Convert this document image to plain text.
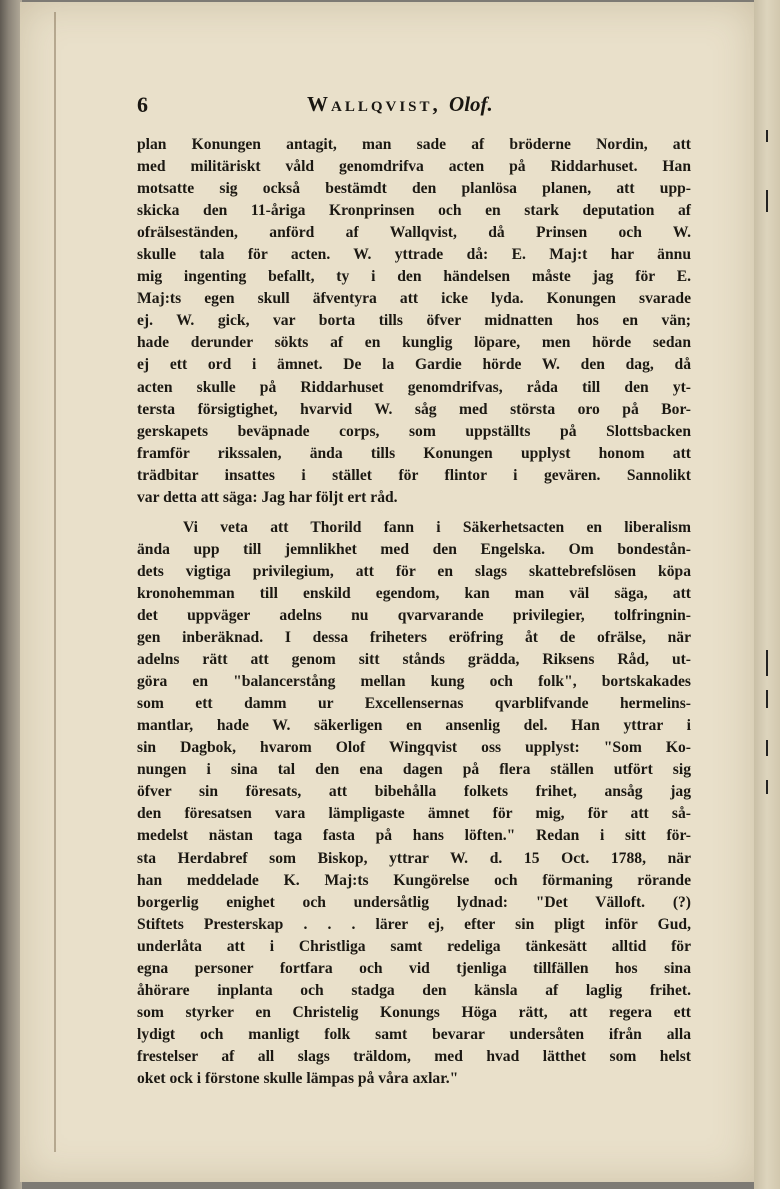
6	Wallqvist, Olof.
plan Konungen antagit, man sade af bröderne Nordin, att
med militäriskt våld genomdrifva acten på Riddarhuset. Han
motsatte sig också bestämdt den planlösa planen, att upp-
skicka den 11-åriga Kronprinsen och en stark deputation af
ofrälseständen, anförd af Wallqvist, då Prinsen och W.
skulle tala för acten. W. yttrade då: E. Maj:t har ännu
mig ingenting befallt, ty i den händelsen måste jag för E.
Maj:ts egen skull äfventyra att icke lyda. Konungen svarade
ej. W. gick, var borta tills öfver midnatten hos en vän;
hade derunder sökts af en kunglig löpare, men hörde sedan
ej ett ord i ämnet. De la Gardie hörde W. den dag, då
acten skulle på Riddarhuset genomdrifvas, råda till den yt-
tersta försigtighet, hvarvid W. såg med största oro på Bor-
gerskapets beväpnade corps, som uppställts på Slottsbacken
framför rikssalen, ända tills Konungen upplyst honom att
trädbitar insattes i stället för flintor i gevären. Sannolikt
var detta att säga: Jag har följt ert råd.
Vi veta att Thorild fann i Säkerhetsacten en liberalism
ända upp till jemnlikhet med den Engelska. Om bondestån-
dets vigtiga privilegium, att för en slags skattebrefslösen köpa
kronohemman till enskild egendom, kan man väl säga, att
det uppväger adelns nu qvarvarande privilegier, tolfringnin-
gen inberäknad. I dessa friheters eröfring åt de ofrälse, när
adelns rätt att genom sitt stånds grädda, Riksens Råd, ut-
göra en "balancerstång mellan kung och folk", bortskakades
som ett damm ur Excellensernas qvarblifvande hermelins-
mantlar, hade W. säkerligen en ansenlig del. Han yttrar i
sin Dagbok, hvarom Olof Wingqvist oss upplyst: "Som Ko-
nungen i sina tal den ena dagen på flera ställen utfört sig
öfver sin föresats, att bibehålla folkets frihet, ansåg jag
den föresatsen vara lämpligaste ämnet för mig, för att så-
medelst nästan taga fasta på hans löften." Redan i sitt för-
sta Herdabref som Biskop, yttrar W. d. 15 Oct. 1788, när
han meddelade K. Maj:ts Kungörelse och förmaning rörande
borgerlig enighet och undersåtlig lydnad: "Det Välloft. (?)
Stiftets Presterskap . . . lärer ej, efter sin pligt inför Gud,
underlåta att i Christliga samt redeliga tänkesätt alltid för
egna personer fortfara och vid tjenliga tillfällen hos sina
åhörare inplanta och stadga den känsla af laglig frihet.
som styrker en Christelig Konungs Höga rätt, att regera ett
lydigt och manligt folk samt bevarar undersåten ifrån alla
frestelser af all slags träldom, med hvad lätthet som helst
oket ock i förstone skulle lämpas på våra axlar."
